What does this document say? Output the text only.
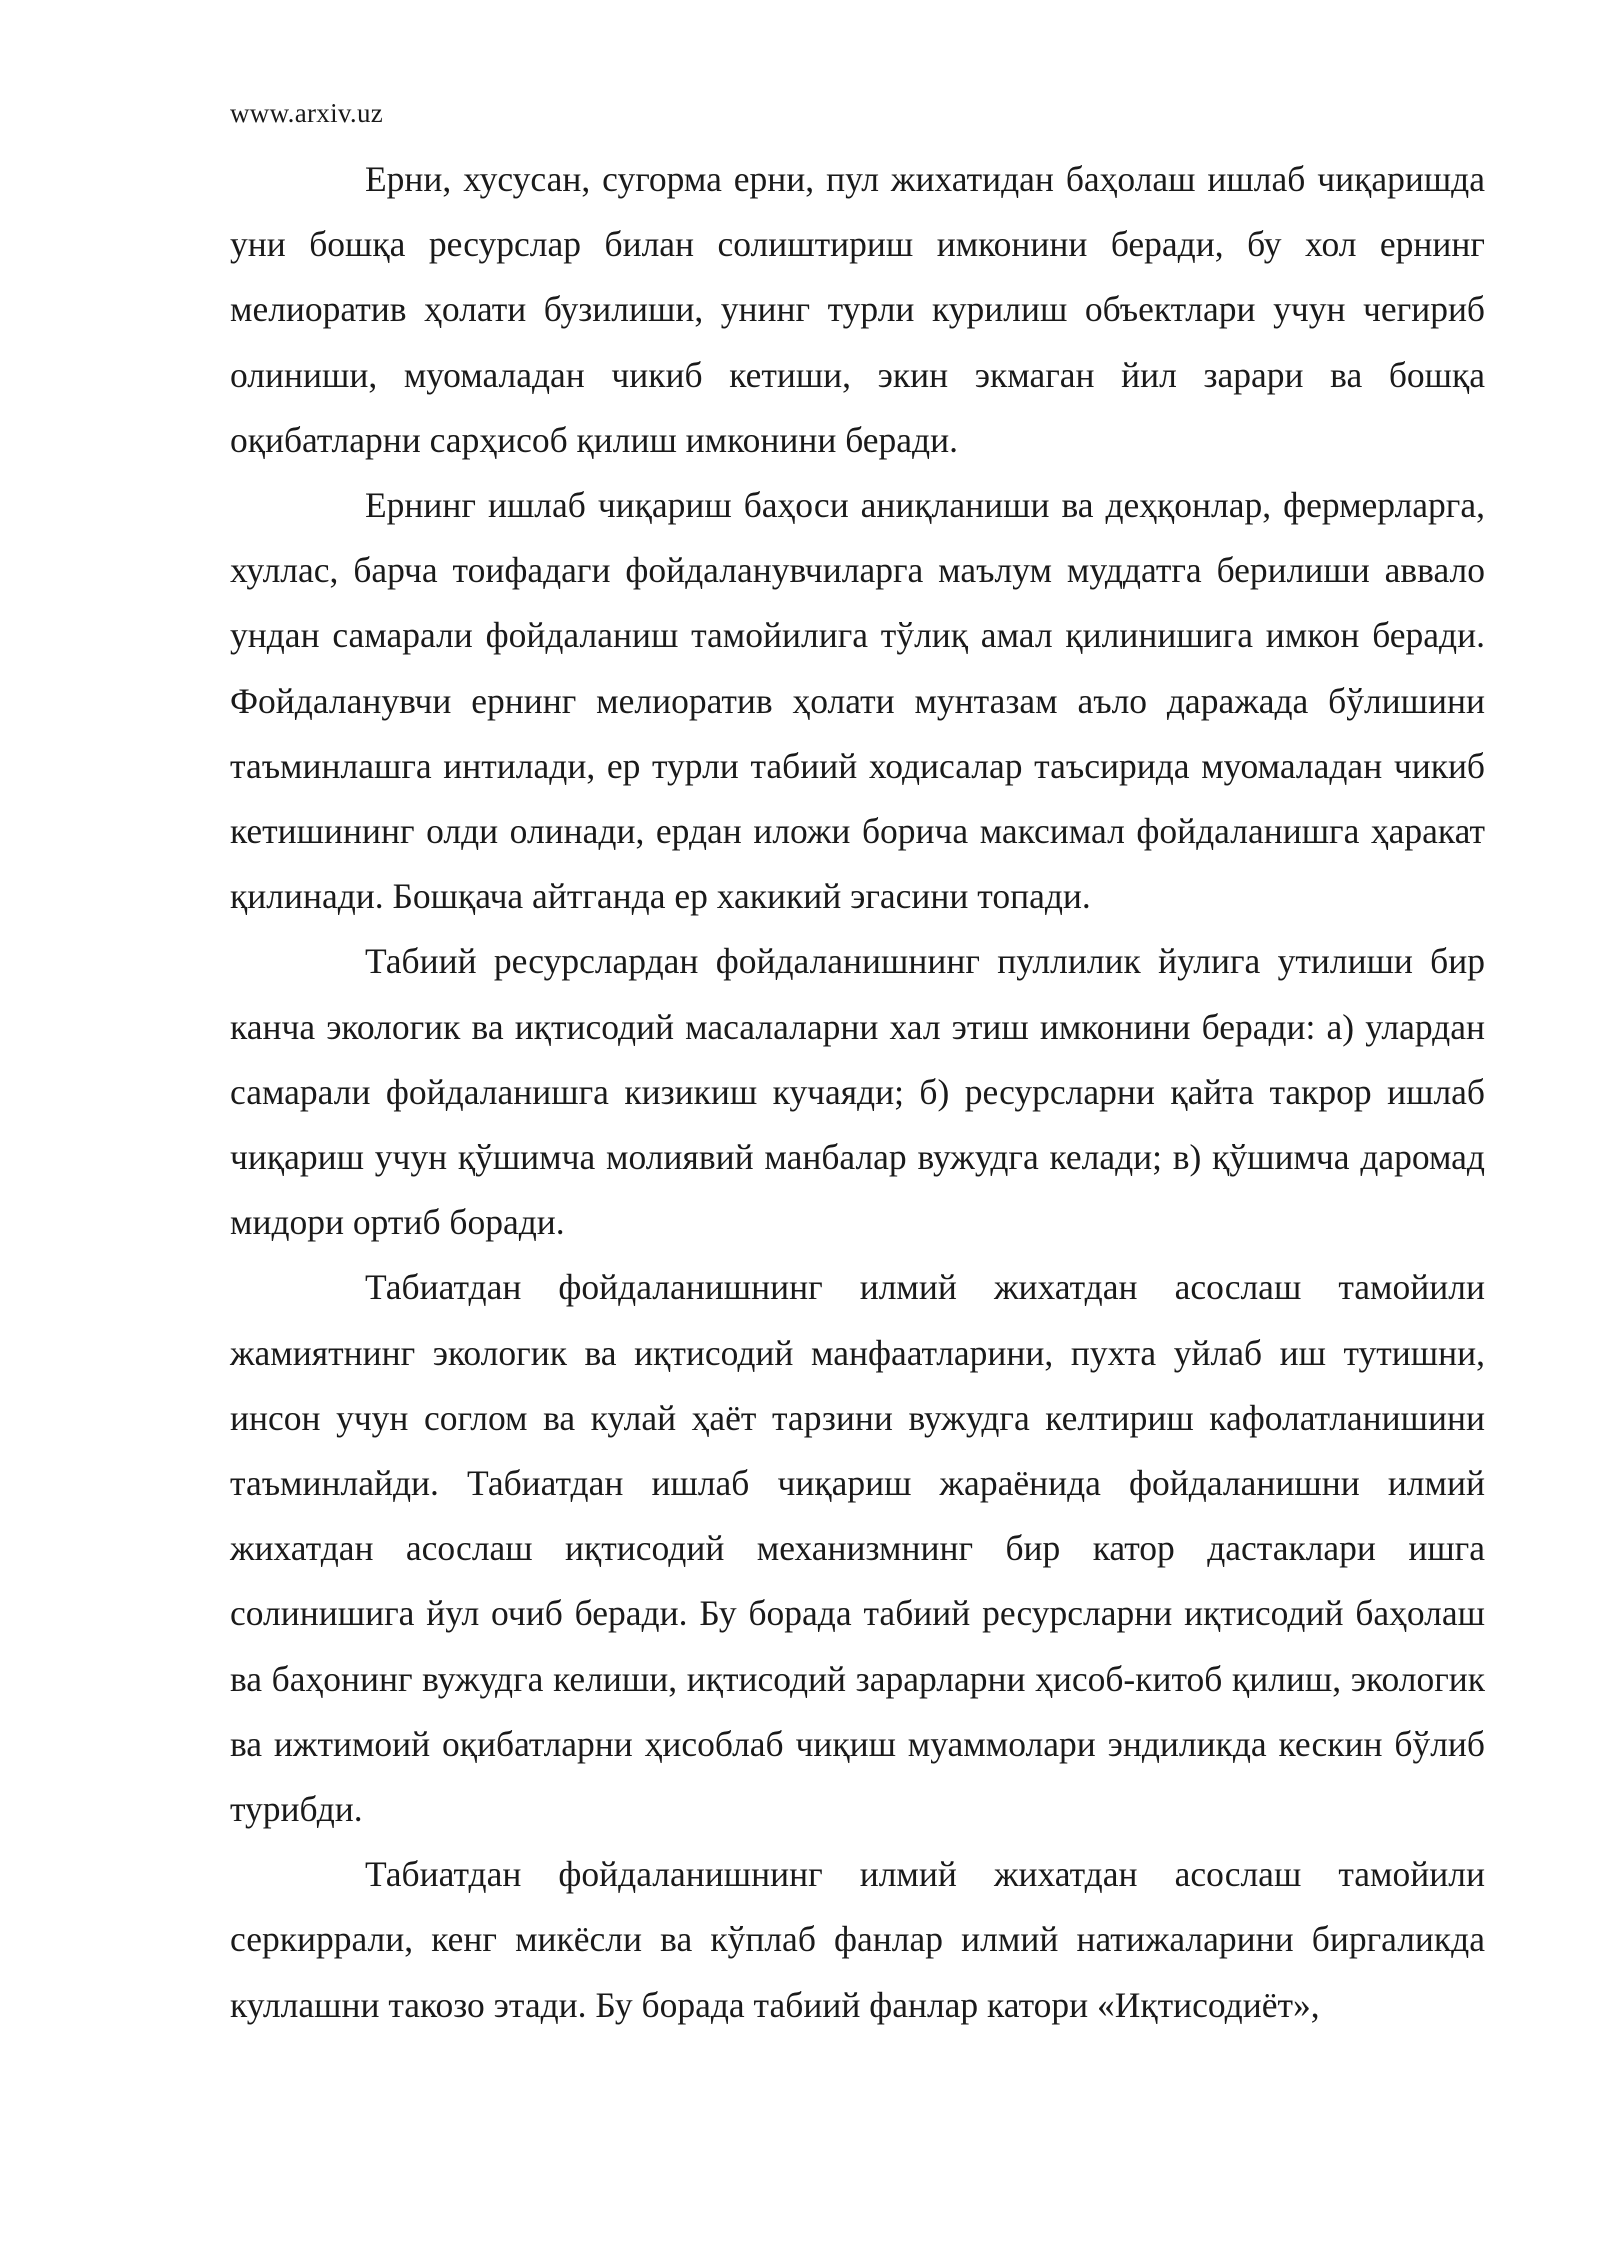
www.arxiv.uz

Ерни, хусусан, сугорма ерни, пул жихатидан баҳолаш ишлаб чиқаришда уни бошқа ресурслар билан солиштириш имконини беради, бу хол ернинг мелиоратив ҳолати бузилиши, унинг турли курилиш объектлари учун чегириб олиниши, муомаладан чикиб кетиши, экин экмаган йил зарари ва бошқа оқибатларни сарҳисоб қилиш имконини беради.

Ернинг ишлаб чиқариш баҳоси аниқланиши ва деҳқонлар, фермерларга, хуллас, барча тоифадаги фойдаланувчиларга маълум муддатга берилиши аввало ундан самарали фойдаланиш тамойилига тўлиқ амал қилинишига имкон беради. Фойдаланувчи ернинг мелиоратив ҳолати мунтазам аъло даражада бўлишини таъминлашга интилади, ер турли табиий ходисалар таъсирида муомаладан чикиб кетишининг олди олинади, ердан иложи борича максимал фойдаланишга ҳаракат қилинади. Бошқача айтганда ер хакикий эгасини топади.

Табиий ресурслардан фойдаланишнинг пуллилик йулига утилиши бир канча экологик ва иқтисодий масалаларни хал этиш имконини беради: а) улардан самарали фойдаланишга кизикиш кучаяди; б) ресурсларни қайта такрор ишлаб чиқариш учун қўшимча молиявий манбалар вужудга келади; в) қўшимча даромад мидори ортиб боради.

Табиатдан фойдаланишнинг илмий жихатдан асослаш тамойили жамиятнинг экологик ва иқтисодий манфаатларини, пухта уйлаб иш тутишни, инсон учун соглом ва кулай ҳаёт тарзини вужудга келтириш кафолатланишини таъминлайди. Табиатдан ишлаб чиқариш жараёнида фойдаланишни илмий жихатдан асослаш иқтисодий механизмнинг бир катор дастаклари ишга солинишига йул очиб беради. Бу борада табиий ресурсларни иқтисодий баҳолаш ва баҳонинг вужудга келиши, иқтисодий зарарларни ҳисоб-китоб қилиш, экологик ва ижтимоий оқибатларни ҳисоблаб чиқиш муаммолари эндиликда кескин бўлиб турибди.

Табиатдан фойдаланишнинг илмий жихатдан асослаш тамойили серкиррали, кенг микёсли ва кўплаб фанлар илмий натижаларини биргаликда куллашни такозо этади. Бу борада табиий фанлар катори «Иқтисодиёт»,
